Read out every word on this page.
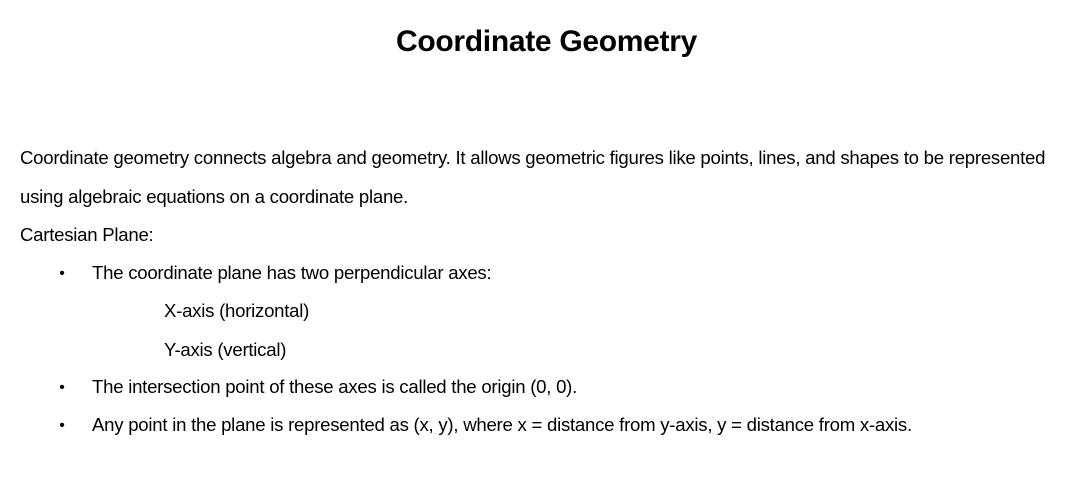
Coordinate Geometry

Coordinate geometry connects algebra and geometry. It allows geometric figures like points, lines, and shapes to be represented using algebraic equations on a coordinate plane.

Cartesian Plane:

• The coordinate plane has two perpendicular axes:

X-axis (horizontal)

Y-axis (vertical)

• The intersection point of these axes is called the origin (0, 0).

• Any point in the plane is represented as (x, y), where x = distance from y-axis, y = distance from x-axis.
